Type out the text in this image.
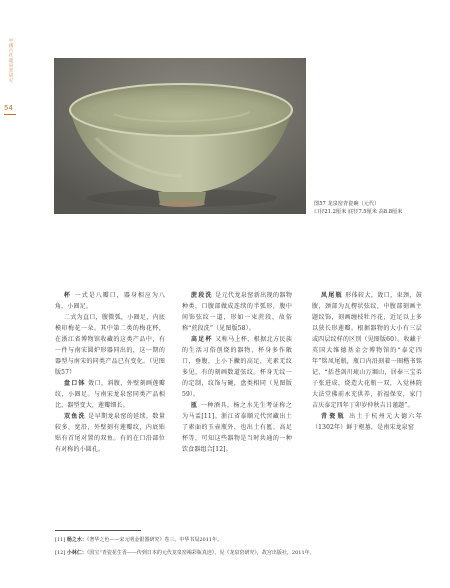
中國古代龍泉窯研究
54
图57 龙泉窑青瓷碗（元代）
口径21.2厘米 底径7.5厘米 高8.8厘米

杯 一式是八瓣口，器身相应为八角，小圈足。

二式为直口，腹微弧，小圈足，内底模印梅花一朵。其中第二类的梅花杯，在浙江省博物馆收藏的这类产品中，有一件与南宋圆炉形器同出的，这一期的器型与南宋的同类产品已有变化。（见图版57）

盘口钵 敛口，斜腹，外壁刻画莲瓣纹，小圈足。与南宋龙泉窑同类产品相比，器型变大，莲瓣细长。

双鱼洗 是早期龙泉窑的延续，数量较多，宽沿，外壁刻有莲瓣纹，内底贴贴有首尾对置的双鱼。有的在口沿部位有对称的小圆孔。

蔗段洗 是元代龙泉窑新出现的器物种类，口腹部做成连续的半弧形，腹中间饰弦纹一道，形如一束蔗段，故俗称“蔗段洗”（见图版58）。

高足杯 又称马上杯，根据北方民族的生活习俗创烧的器物，杯身多作敞口，垂腹，上小下撇的高足，光素无纹多见，有的刻画数道弦纹。杯身无纹一的定制，纹饰与碗，盘类相同（见图版59）。

匜 一种酒具，杨之水先生考证称之为马盂[11]。浙江省泰顺元代窖藏出土了素面的玉壶瓶外，也出土有匜、高足杯等，可知这些器物是当时共通的一种饮食器组合[12]。

凤尾瓶 形体较大，敛口，束颈，鼓腹，颈部为瓦楞状弦纹，中腹部刻画主题纹饰，刻画缠枝牡丹花，近足以上多以狭长形莲瓣。根据器物的大小有三层或四层纹样的区别（见图版60）。收藏于英国大维德基金会博物馆的“泰定四年”铭凤尾瓶，瓶口内沿刻着一圈楷书铭记，“括苍剑川琉山万堀山，居奉三宝弟子张进成，烧造大花瓶一双，入觉林院大法堂佛前永充供养，祈福保安，家门吉庆泰定四年丁卯岁仲秋吉日谨题”。

青瓷瓶 出土于杭州元大德六年（1302年）鲜于枢墓，是南宋龙泉窑

[11] 杨之水：《奢华之色——宋元明金银器研究》卷三，中华书局2011年。
[12] 小林仁：《国宝“青瓷花生香——传到日本的元代龙泉窑褐彩瓶真迹》，见《龙泉窑研究》，故宫出版社，2011年。
